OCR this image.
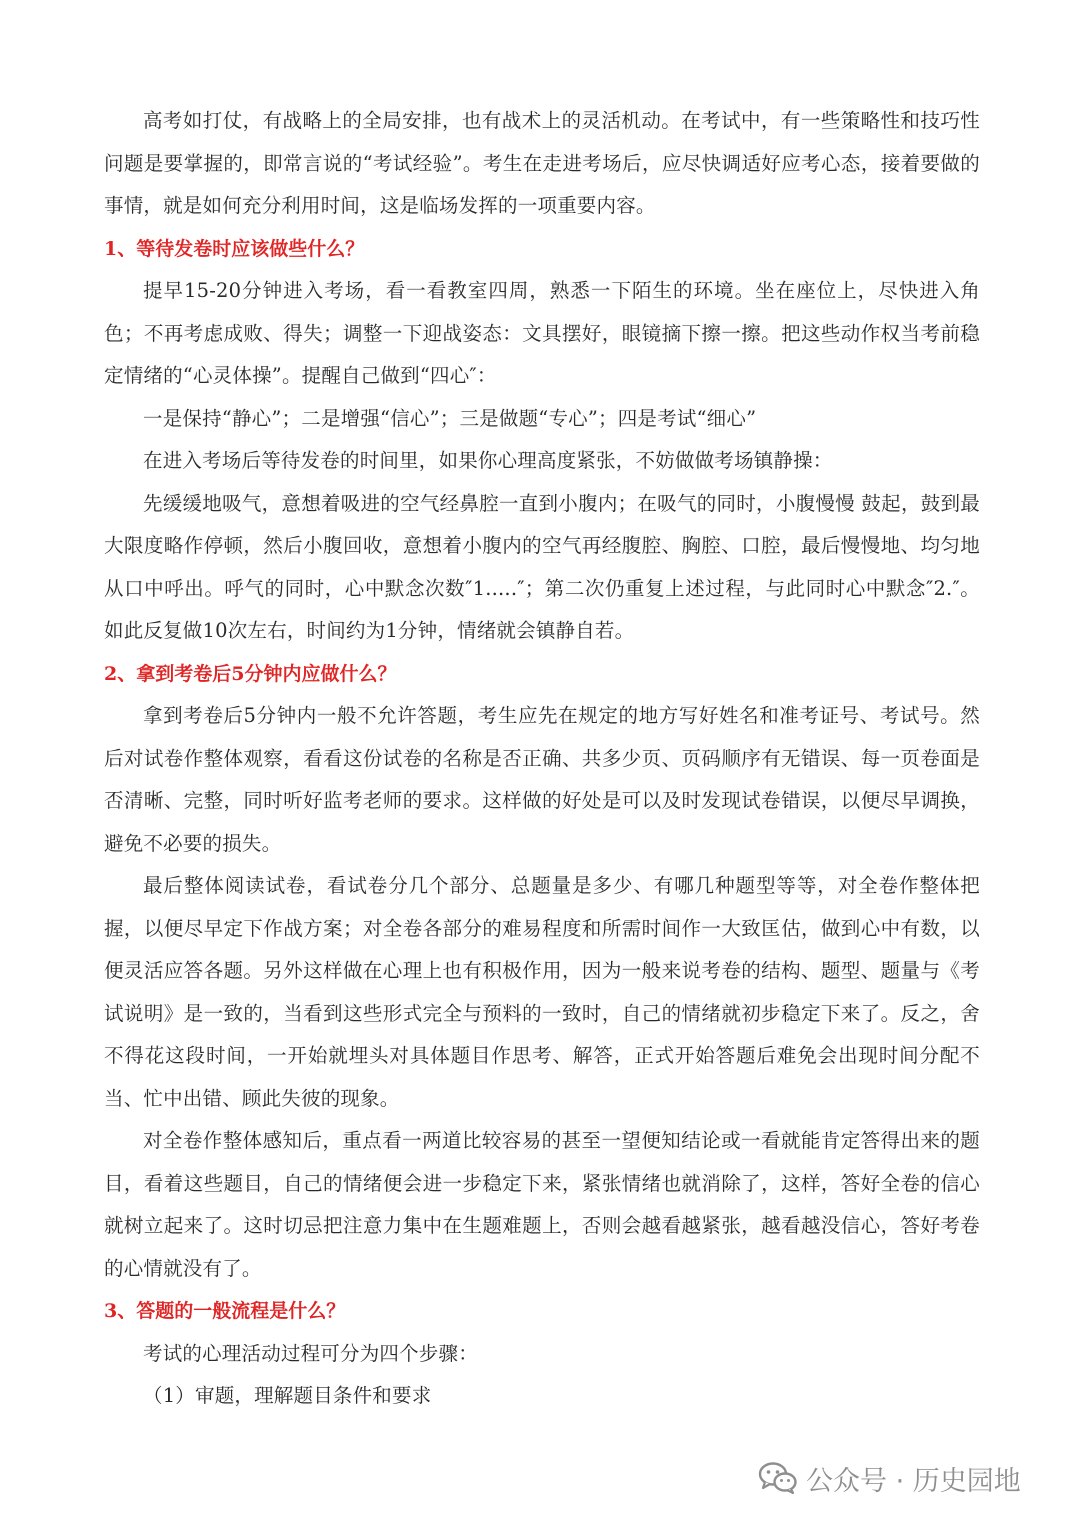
高考如打仗，有战略上的全局安排，也有战术上的灵活机动。在考试中，有一些策略性和技巧性问题是要掌握的，即常言说的“考试经验”。考生在走进考场后，应尽快调适好应考心态，接着要做的事情，就是如何充分利用时间，这是临场发挥的一项重要内容。

1、等待发卷时应该做些什么？

提早15-20分钟进入考场，看一看教室四周，熟悉一下陌生的环境。坐在座位上，尽快进入角色；不再考虑成败、得失；调整一下迎战姿态：文具摆好，眼镜摘下擦一擦。把这些动作权当考前稳定情绪的“心灵体操”。提醒自己做到“四心″：

一是保持“静心”；二是增强“信心”；三是做题“专心”；四是考试“细心”

在进入考场后等待发卷的时间里，如果你心理高度紧张，不妨做做考场镇静操：

先缓缓地吸气，意想着吸进的空气经鼻腔一直到小腹内；在吸气的同时，小腹慢慢 鼓起，鼓到最大限度略作停顿，然后小腹回收，意想着小腹内的空气再经腹腔、胸腔、口腔，最后慢慢地、均匀地从口中呼出。呼气的同时，心中默念次数″1.....″；第二次仍重复上述过程，与此同时心中默念″2.″。如此反复做10次左右，时间约为1分钟，情绪就会镇静自若。

2、拿到考卷后5分钟内应做什么？

拿到考卷后5分钟内一般不允许答题，考生应先在规定的地方写好姓名和准考证号、考试号。然后对试卷作整体观察，看看这份试卷的名称是否正确、共多少页、页码顺序有无错误、每一页卷面是否清晰、完整，同时听好监考老师的要求。这样做的好处是可以及时发现试卷错误，以便尽早调换，避免不必要的损失。

最后整体阅读试卷，看试卷分几个部分、总题量是多少、有哪几种题型等等，对全卷作整体把握，以便尽早定下作战方案；对全卷各部分的难易程度和所需时间作一大致匡估，做到心中有数，以便灵活应答各题。另外这样做在心理上也有积极作用，因为一般来说考卷的结构、题型、题量与《考试说明》是一致的，当看到这些形式完全与预料的一致时，自己的情绪就初步稳定下来了。反之，舍不得花这段时间，一开始就埋头对具体题目作思考、解答，正式开始答题后难免会出现时间分配不当、忙中出错、顾此失彼的现象。

对全卷作整体感知后，重点看一两道比较容易的甚至一望便知结论或一看就能肯定答得出来的题目，看着这些题目，自己的情绪便会进一步稳定下来，紧张情绪也就消除了，这样，答好全卷的信心就树立起来了。这时切忌把注意力集中在生题难题上，否则会越看越紧张，越看越没信心，答好考卷的心情就没有了。

3、答题的一般流程是什么？

考试的心理活动过程可分为四个步骤：

（1）审题，理解题目条件和要求

公众号 · 历史园地
